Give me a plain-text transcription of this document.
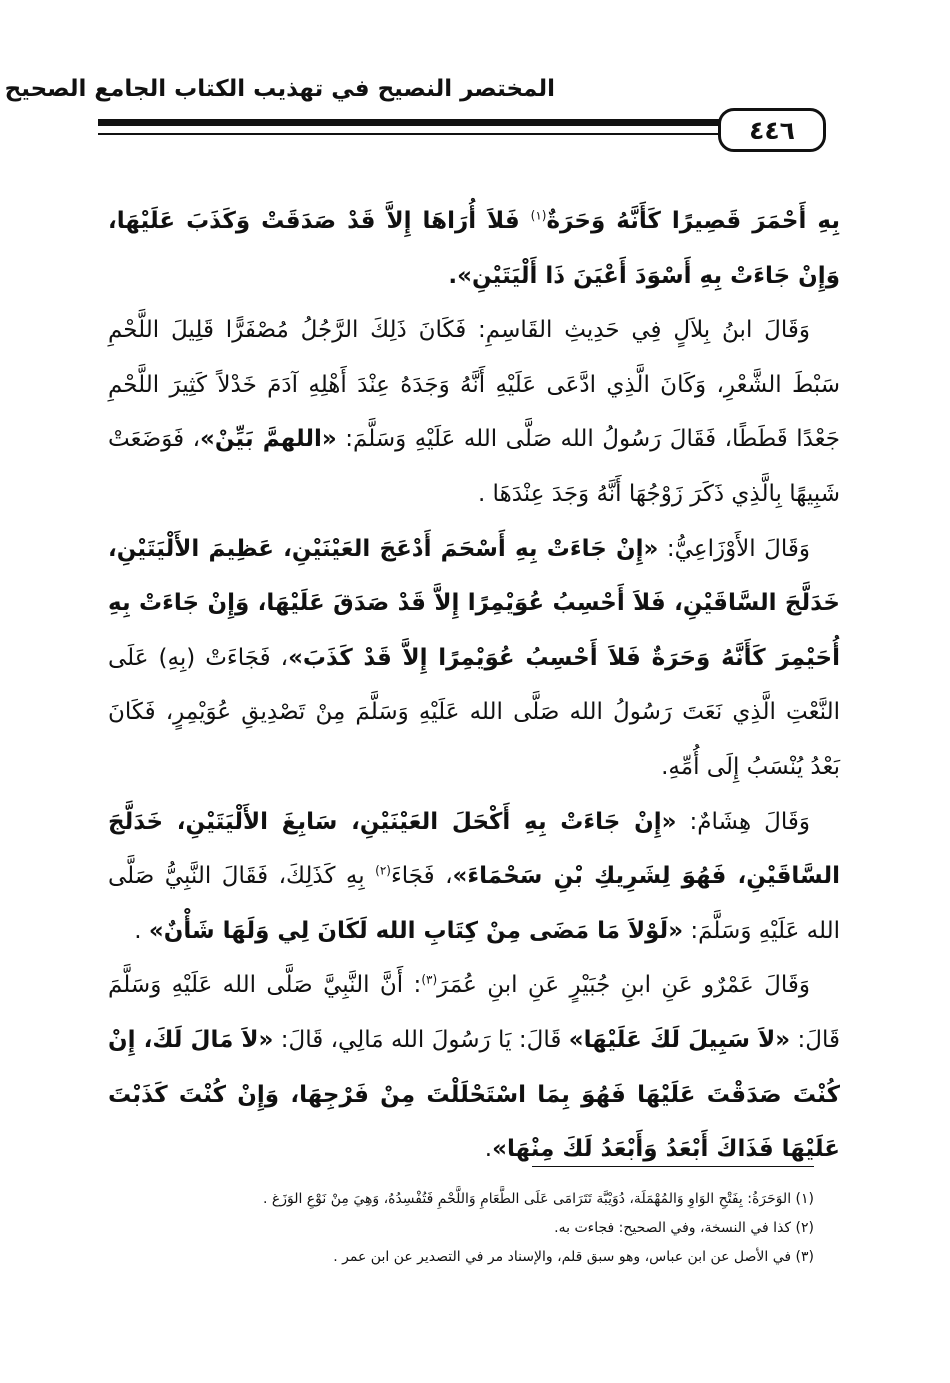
المختصر النصيح في تهذيب الكتاب الجامع الصحيح
٤٤٦

بِهِ أَحْمَرَ قَصِيرًا كَأَنَّهُ وَحَرَةٌ$^{(١)}$ فَلاَ أُرَاهَا إِلاَّ قَدْ صَدَقَتْ وَكَذَبَ عَلَيْهَا، وَإِنْ جَاءَتْ بِهِ أَسْوَدَ أَعْيَنَ ذَا أَلْيَتَيْنِ».

وَقَالَ ابنُ بِلاَلٍ فِي حَدِيثِ القَاسِمِ: فَكَانَ ذَلِكَ الرَّجُلُ مُصْفَرًّا قَلِيلَ اللَّحْمِ سَبْطَ الشَّعْرِ، وَكَانَ الَّذِي ادَّعَى عَلَيْهِ أَنَّهُ وَجَدَهُ عِنْدَ أَهْلِهِ آدَمَ خَدْلاً كَثِيرَ اللَّحْمِ جَعْدًا قَطَطًا، فَقَالَ رَسُولُ الله صَلَّى الله عَلَيْهِ وَسَلَّمَ: «اللهمَّ بَيِّنْ»، فَوَضَعَتْ شَبِيهًا بِالَّذِي ذَكَرَ زَوْجُهَا أَنَّهُ وَجَدَ عِنْدَهَا .

وَقَالَ الأَوْزَاعِيُّ: «إِنْ جَاءَتْ بِهِ أَسْحَمَ أَدْعَجَ العَيْنَيْنِ، عَظِيمَ الأَلْيَتَيْنِ، خَدَلَّجَ السَّاقَيْنِ، فَلاَ أَحْسِبُ عُوَيْمِرًا إِلاَّ قَدْ صَدَقَ عَلَيْهَا، وَإِنْ جَاءَتْ بِهِ أُحَيْمِرَ كَأَنَّهُ وَحَرَةٌ فَلاَ أَحْسِبُ عُوَيْمِرًا إِلاَّ قَدْ كَذَبَ»، فَجَاءَتْ (بِهِ) عَلَى النَّعْتِ الَّذِي نَعَتَ رَسُولُ الله صَلَّى الله عَلَيْهِ وَسَلَّمَ مِنْ تَصْدِيقِ عُوَيْمِرٍ، فَكَانَ بَعْدُ يُنْسَبُ إِلَى أُمِّهِ.

وَقَالَ هِشَامٌ: «إِنْ جَاءَتْ بِهِ أَكْحَلَ العَيْنَيْنِ، سَابِغَ الأَلْيَتَيْنِ، خَدَلَّجَ السَّاقَيْنِ، فَهُوَ لِشَرِيكِ بْنِ سَحْمَاءَ»، فَجَاءَ$^{(٢)}$ بِهِ كَذَلِكَ، فَقَالَ النَّبِيُّ صَلَّى الله عَلَيْهِ وَسَلَّمَ: «لَوْلاَ مَا مَضَى مِنْ كِتَابِ الله لَكَانَ لِي وَلَهَا شَأْنٌ» .

وَقَالَ عَمْرٌو عَنِ ابنِ جُبَيْرٍ عَنِ ابنِ عُمَرَ$^{(٣)}$: أَنَّ النَّبِيَّ صَلَّى الله عَلَيْهِ وَسَلَّمَ قَالَ: «لاَ سَبِيلَ لَكَ عَلَيْهَا» قَالَ: يَا رَسُولَ الله مَالِي، قَالَ: «لاَ مَالَ لَكَ، إِنْ كُنْتَ صَدَقْتَ عَلَيْهَا فَهُوَ بِمَا اسْتَحْلَلْتَ مِنْ فَرْجِهَا، وَإِنْ كُنْتَ كَذَبْتَ عَلَيْهَا فَذَاكَ أَبْعَدُ وَأَبْعَدُ لَكَ مِنْهَا».

(١) الوَحَرَةُ: بِفَتْحِ الوَاوِ وَالمُهْمَلَة، دُوَيْبَّة تَتَرَامَى عَلَى الطَّعَامِ وَاللَّحْمِ فَتُفْسِدُهُ، وَهِيَ مِنْ نَوْعِ الوَزَغ .

(٢) كذا في النسخة، وفي الصحيح: فجاءت به.

(٣) في الأصل عن ابن عباس، وهو سبق قلم، والإسناد مر في التصدير عن ابن عمر .
